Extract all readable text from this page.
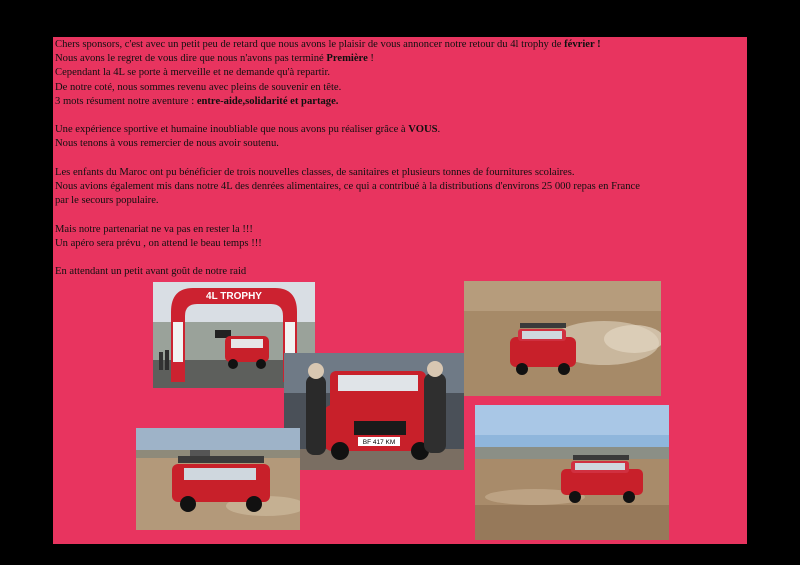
Chers sponsors, c'est avec un petit peu de retard que nous avons le plaisir de vous annoncer notre retour du 4l trophy de février !

Nous avons le regret de vous dire que nous n'avons pas terminé Première !

Cependant la 4L se porte à merveille et ne demande qu'à repartir.

De notre coté, nous sommes revenu avec pleins de souvenir en tête.

3 mots résument notre aventure : entre-aide,solidarité et partage.

Une expérience sportive et humaine inoubliable que nous avons pu réaliser grâce à VOUS.

Nous tenons à vous remercier de nous avoir soutenu.

Les enfants du Maroc ont pu bénéficier de trois nouvelles classes, de sanitaires et plusieurs tonnes de fournitures scolaires.

Nous avions également mis dans notre 4L des denrées alimentaires, ce qui a contribué à la distributions d'environs 25 000 repas en France

par le secours populaire.

Mais notre partenariat ne va pas en rester la !!!

Un apéro sera prévu , on attend le beau temps !!!

En attendant un petit avant goût de notre raid

4L TROPHY
BF 417 KM
